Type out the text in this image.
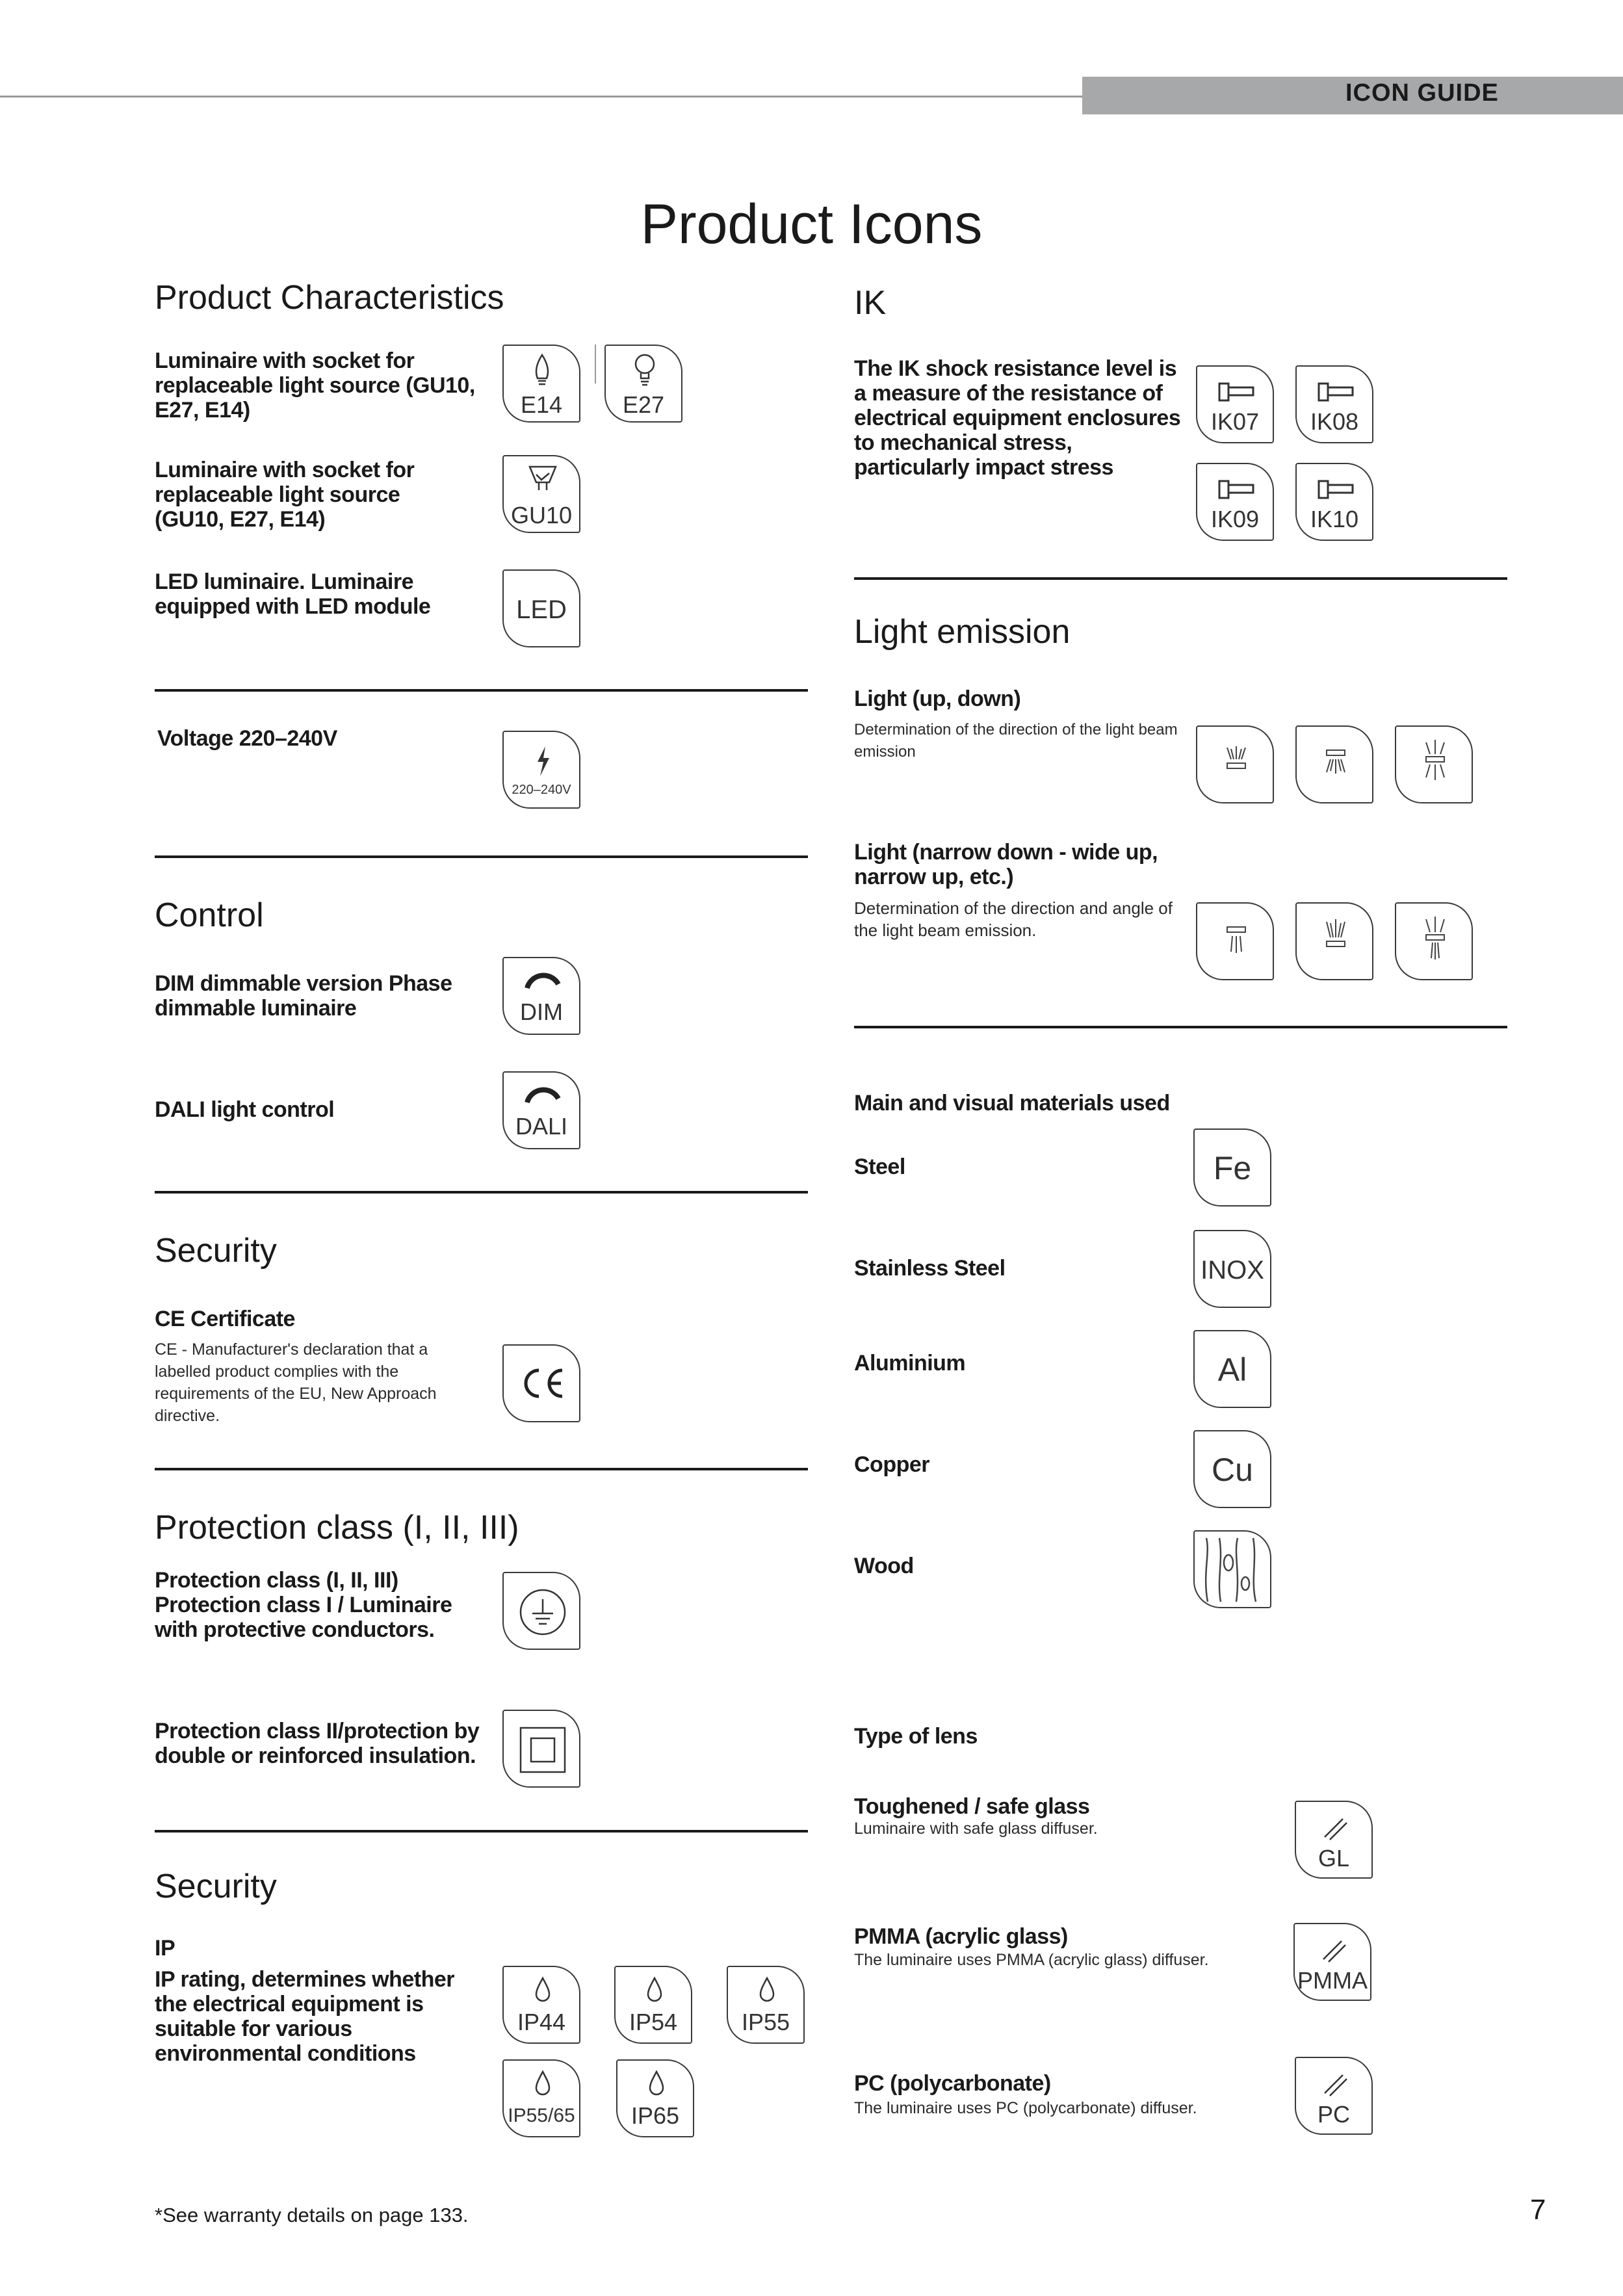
ICON GUIDE
Product Icons
Product Characteristics
Luminaire with socket for replaceable light source (GU10, E27, E14)	E14	E27
Luminaire with socket for replaceable light source (GU10, E27, E14)	GU10
LED luminaire. Luminaire equipped with LED module	LED
Voltage 220–240V
220–240V
Control
DIM dimmable version Phase dimmable luminaire	DIM
DALI light control
DALI
Security
CE Certificate
CE - Manufacturer's declaration that a labelled product complies with the requirements of the EU, New Approach directive.
Protection class (I, II, III)
Protection class (I, II, III) Protection class I / Luminaire with protective conductors.
Protection class II/protection by double or reinforced insulation.
Security
IP
IP rating, determines whether the electrical equipment is suitable for various environmental conditions
IP44	IP54	IP55
IP55/65	IP65
IK
The IK shock resistance level is a measure of the resistance of electrical equipment enclosures to mechanical stress, particularly impact stress
IK07	IK08
IK09	IK10
Light emission
Light (up, down)
Determination of the direction of the light beam emission
Light (narrow down - wide up, narrow up, etc.)
Determination of the direction and angle of the light beam emission.
Main and visual materials used
Steel	Fe
Stainless Steel	INOX
Aluminium	Al
Copper	Cu
Wood
Type of lens
Toughened / safe glass
Luminaire with safe glass diffuser.
GL
PMMA (acrylic glass)
The luminaire uses PMMA (acrylic glass) diffuser.
PMMA
PC (polycarbonate)
The luminaire uses PC (polycarbonate) diffuser.	PC
*See warranty details on page 133.	7
